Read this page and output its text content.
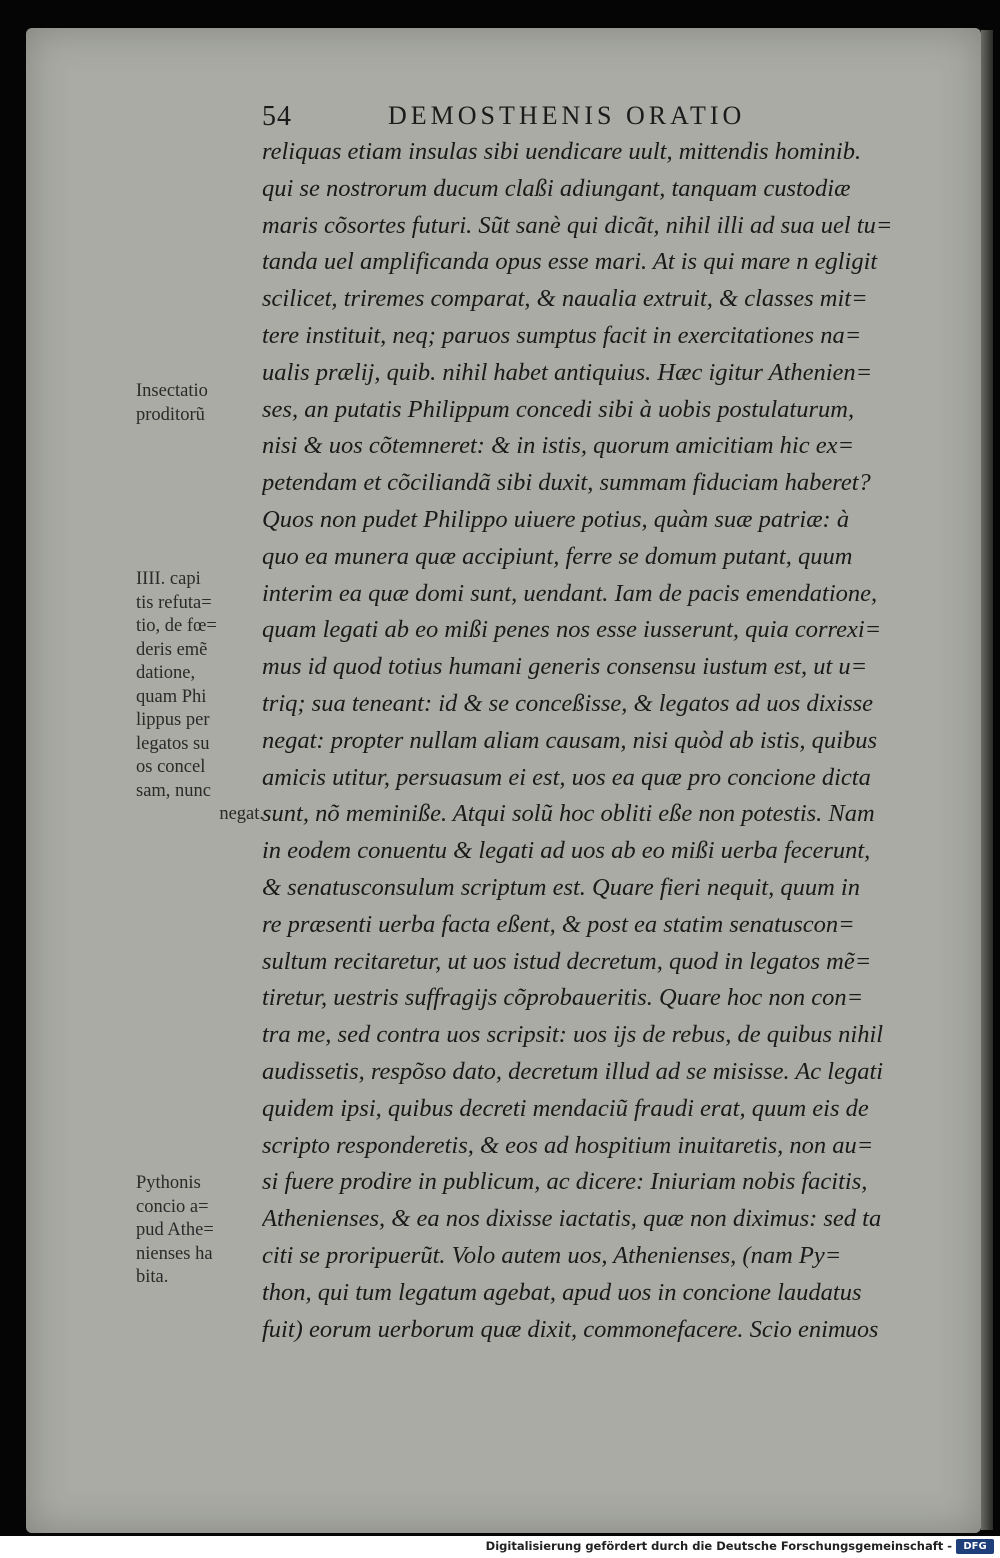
54	DEMOSTHENIS ORATIO
reliquas etiam insulas sibi uendicare uult, mittendis hominib.
qui se nostrorum ducum claßi adiungant, tanquam custodiæ
maris cõsortes futuri. Sũt sanè qui dicãt, nihil illi ad sua uel tu=
tanda uel amplificanda opus esse mari. At is qui mare n egligit
scilicet, triremes comparat, & naualia extruit, & classes mit=
tere instituit, neq; paruos sumptus facit in exercitationes na=
ualis prælij, quib. nihil habet antiquius. Hæc igitur Athenien=
ses, an putatis Philippum concedi sibi à uobis postulaturum,
nisi & uos cõtemneret: & in istis, quorum amicitiam hic ex=
petendam et cõciliandã sibi duxit, summam fiduciam haberet?
Quos non pudet Philippo uiuere potius, quàm suæ patriæ: à
quo ea munera quæ accipiunt, ferre se domum putant, quum
interim ea quæ domi sunt, uendant. Iam de pacis emendatione,
quam legati ab eo mißi penes nos esse iusserunt, quia correxi=
mus id quod totius humani generis consensu iustum est, ut u=
triq; sua teneant: id & se conceßisse, & legatos ad uos dixisse
negat: propter nullam aliam causam, nisi quòd ab istis, quibus
amicis utitur, persuasum ei est, uos ea quæ pro concione dicta
sunt, nõ meminiße. Atqui solũ hoc obliti eße non potestis. Nam
in eodem conuentu & legati ad uos ab eo mißi uerba fecerunt,
& senatusconsulum scriptum est. Quare fieri nequit, quum in
re præsenti uerba facta eßent, & post ea statim senatuscon=
sultum recitaretur, ut uos istud decretum, quod in legatos mẽ=
tiretur, uestris suffragijs cõprobaueritis. Quare hoc non con=
tra me, sed contra uos scripsit: uos ijs de rebus, de quibus nihil
audissetis, respõso dato, decretum illud ad se misisse. Ac legati
quidem ipsi, quibus decreti mendaciũ fraudi erat, quum eis de
scripto responderetis, & eos ad hospitium inuitaretis, non au=
si fuere prodire in publicum, ac dicere: Iniuriam nobis facitis,
Athenienses, & ea nos dixisse iactatis, quæ non diximus: sed ta
citi se proripuerũt. Volo autem uos, Athenienses, (nam Py=
thon, qui tum legatum agebat, apud uos in concione laudatus
fuit) eorum uerborum quæ dixit, commonefacere. Scio enim uos
Insectatio
proditorũ
IIII. capi
tis refuta=
tio, de fœ=
deris emẽ
datione,
quam Phi
lippus per
legatos su
os concel
sam, nunc
negat.
Pythonis
concio a=
pud Athe=
nienses ha
bita.
Digitalisierung gefördert durch die Deutsche Forschungsgemeinschaft -	DFG
